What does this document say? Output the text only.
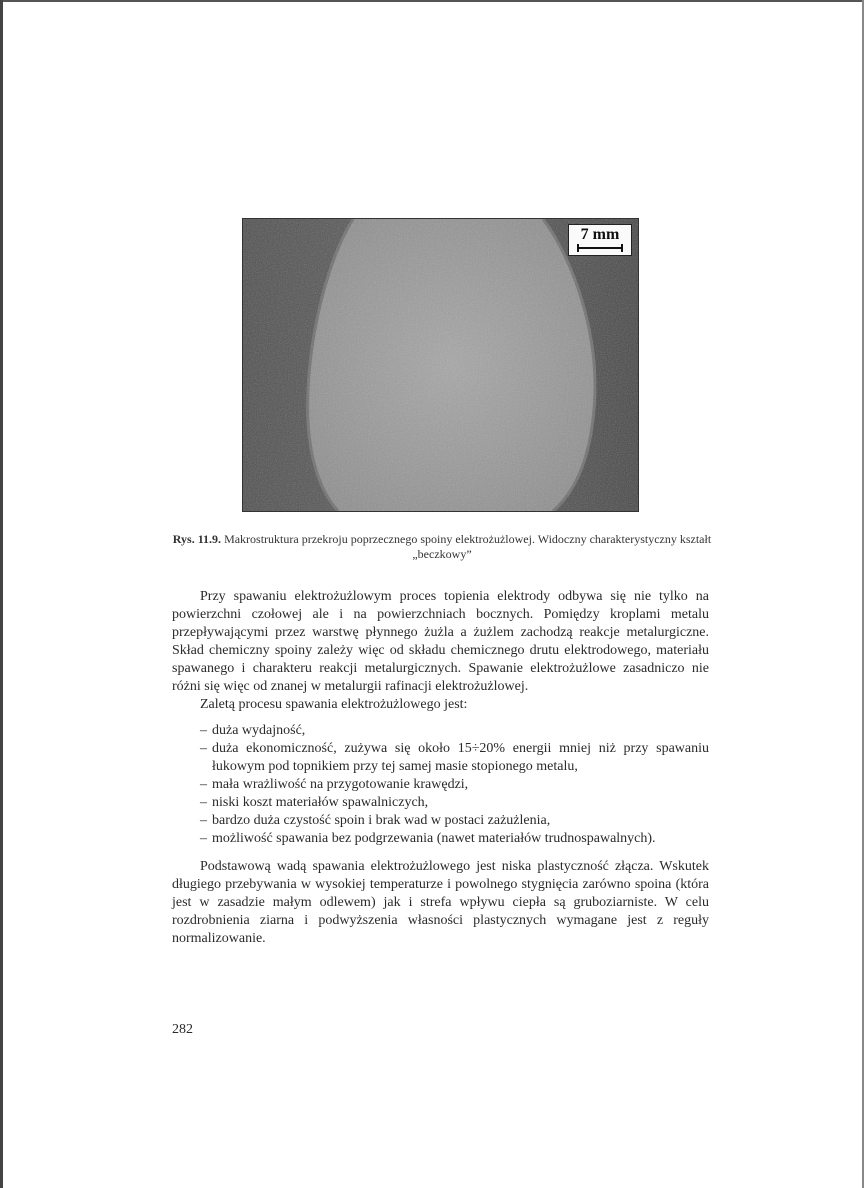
7 mm
Rys. 11.9. Makrostruktura przekroju poprzecznego spoiny elektrożużlowej. Widoczny charakterystyczny kształt „beczkowy”

Przy spawaniu elektrożużlowym proces topienia elektrody odbywa się nie tylko na powierzchni czołowej ale i na powierzchniach bocznych. Pomiędzy kroplami metalu przepływającymi przez warstwę płynnego żużla a żużlem zachodzą reakcje metalurgiczne. Skład chemiczny spoiny zależy więc od składu chemicznego drutu elektrodowego, materiału spawanego i charakteru reakcji metalurgicznych. Spawanie elektrożużlowe zasadniczo nie różni się więc od znanej w metalurgii rafinacji elektrożużlowej.

Zaletą procesu spawania elektrożużlowego jest:

– duża wydajność,
– duża ekonomiczność, zużywa się około 15÷20% energii mniej niż przy spawaniu łukowym pod topnikiem przy tej samej masie stopionego metalu,
– mała wrażliwość na przygotowanie krawędzi,
– niski koszt materiałów spawalniczych,
– bardzo duża czystość spoin i brak wad w postaci zażużlenia,
– możliwość spawania bez podgrzewania (nawet materiałów trudnospawalnych).

Podstawową wadą spawania elektrożużlowego jest niska plastyczność złącza. Wskutek długiego przebywania w wysokiej temperaturze i powolnego stygnięcia zarówno spoina (która jest w zasadzie małym odlewem) jak i strefa wpływu ciepła są gruboziarniste. W celu rozdrobnienia ziarna i podwyższenia własności plastycznych wymagane jest z reguły normalizowanie.

282
